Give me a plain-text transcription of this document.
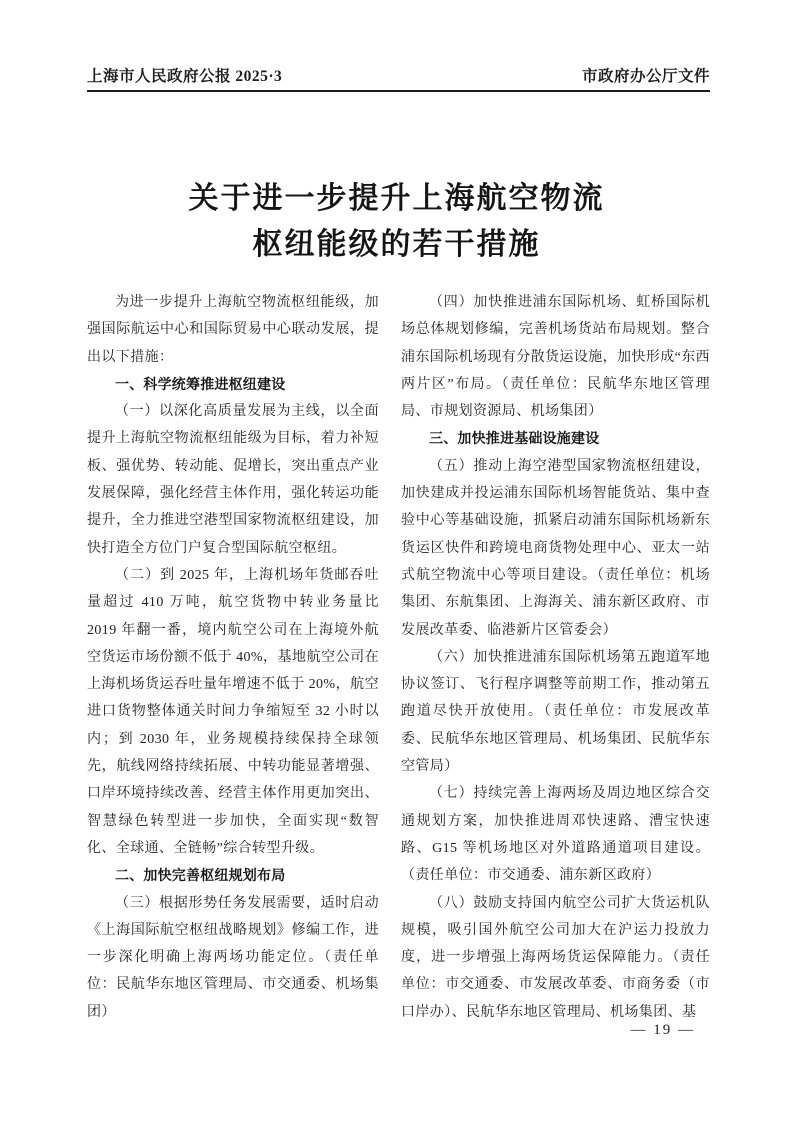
上海市人民政府公报 2025·3	市政府办公厅文件
关于进一步提升上海航空物流
枢纽能级的若干措施

为进一步提升上海航空物流枢纽能级，加强国际航运中心和国际贸易中心联动发展，提出以下措施：

一、科学统筹推进枢纽建设

（一）以深化高质量发展为主线，以全面提升上海航空物流枢纽能级为目标，着力补短板、强优势、转动能、促增长，突出重点产业发展保障，强化经营主体作用，强化转运功能提升，全力推进空港型国家物流枢纽建设，加快打造全方位门户复合型国际航空枢纽。

（二）到 2025 年，上海机场年货邮吞吐量超过 410 万吨，航空货物中转业务量比 2019 年翻一番，境内航空公司在上海境外航空货运市场份额不低于 40%，基地航空公司在上海机场货运吞吐量年增速不低于 20%，航空进口货物整体通关时间力争缩短至 32 小时以内；到 2030 年，业务规模持续保持全球领先，航线网络持续拓展、中转功能显著增强、口岸环境持续改善、经营主体作用更加突出、智慧绿色转型进一步加快，全面实现“数智化、全球通、全链畅”综合转型升级。

二、加快完善枢纽规划布局

（三）根据形势任务发展需要，适时启动《上海国际航空枢纽战略规划》修编工作，进一步深化明确上海两场功能定位。（责任单位：民航华东地区管理局、市交通委、机场集团）

（四）加快推进浦东国际机场、虹桥国际机场总体规划修编，完善机场货站布局规划。整合浦东国际机场现有分散货运设施，加快形成“东西两片区”布局。（责任单位：民航华东地区管理局、市规划资源局、机场集团）

三、加快推进基础设施建设

（五）推动上海空港型国家物流枢纽建设，加快建成并投运浦东国际机场智能货站、集中查验中心等基础设施，抓紧启动浦东国际机场新东货运区快件和跨境电商货物处理中心、亚太一站式航空物流中心等项目建设。（责任单位：机场集团、东航集团、上海海关、浦东新区政府、市发展改革委、临港新片区管委会）

（六）加快推进浦东国际机场第五跑道军地协议签订、飞行程序调整等前期工作，推动第五跑道尽快开放使用。（责任单位：市发展改革委、民航华东地区管理局、机场集团、民航华东空管局）

（七）持续完善上海两场及周边地区综合交通规划方案，加快推进周邓快速路、漕宝快速路、G15 等机场地区对外道路通道项目建设。（责任单位：市交通委、浦东新区政府）

（八）鼓励支持国内航空公司扩大货运机队规模，吸引国外航空公司加大在沪运力投放力度，进一步增强上海两场货运保障能力。（责任单位：市交通委、市发展改革委、市商务委（市口岸办）、民航华东地区管理局、机场集团、基

— 19 —
